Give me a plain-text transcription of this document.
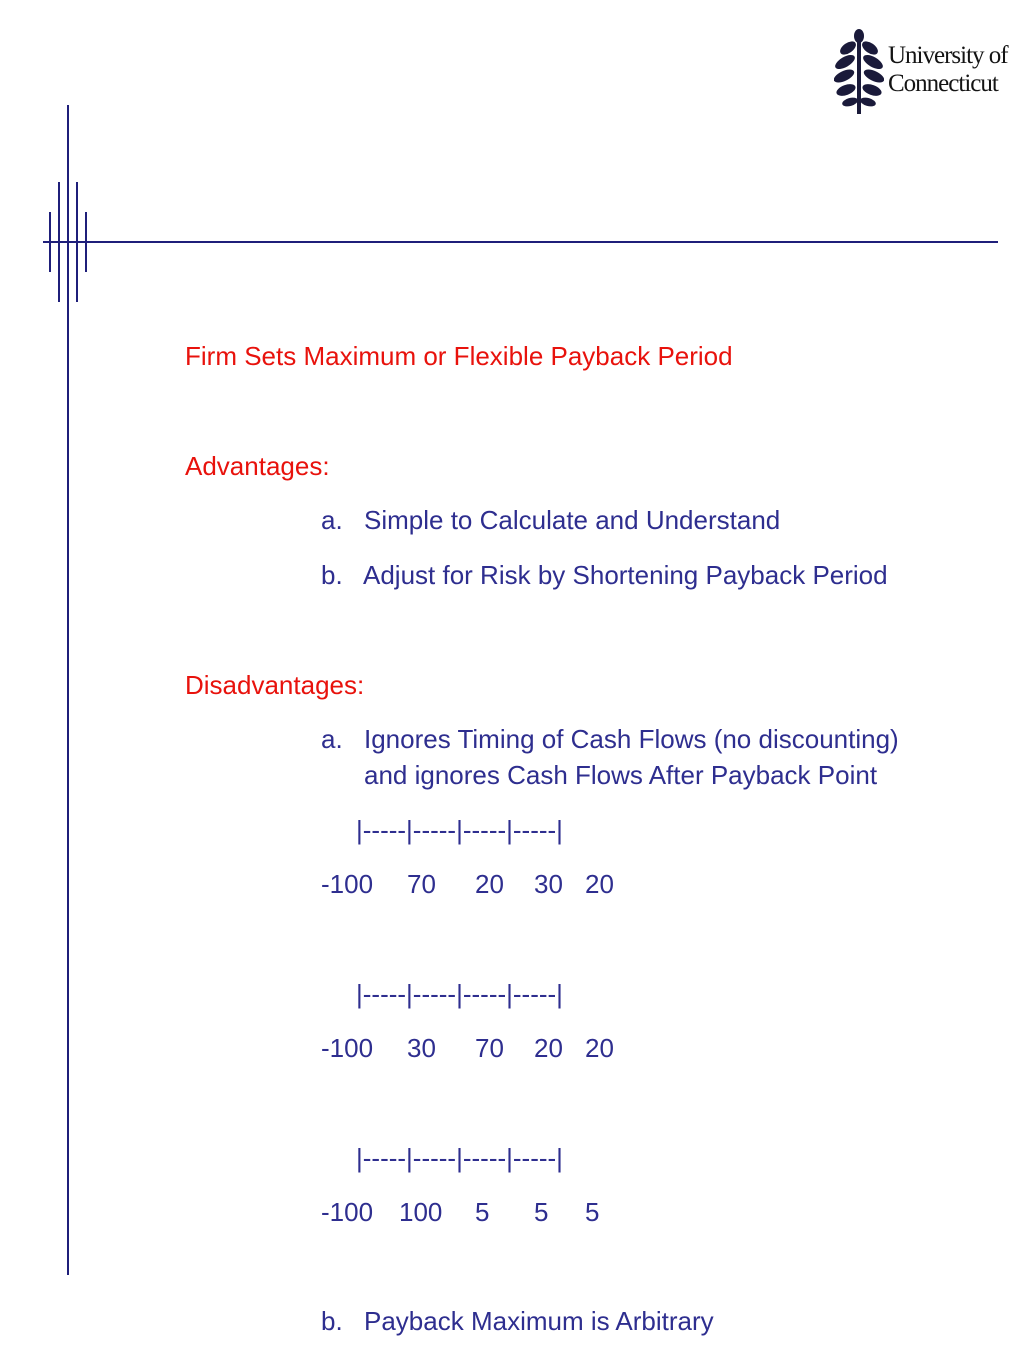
University of
Connecticut
Firm Sets Maximum or Flexible Payback Period
Advantages:
a. Simple to Calculate and Understand
b. Adjust for Risk by Shortening Payback Period
Disadvantages:
a. Ignores Timing of Cash Flows (no discounting)
and ignores Cash Flows After Payback Point
|-----|-----|-----|-----|
-100 70 20 30 20
|-----|-----|-----|-----|
-100 30 70 20 20
|-----|-----|-----|-----|
-100 100 5 5 5
b. Payback Maximum is Arbitrary
